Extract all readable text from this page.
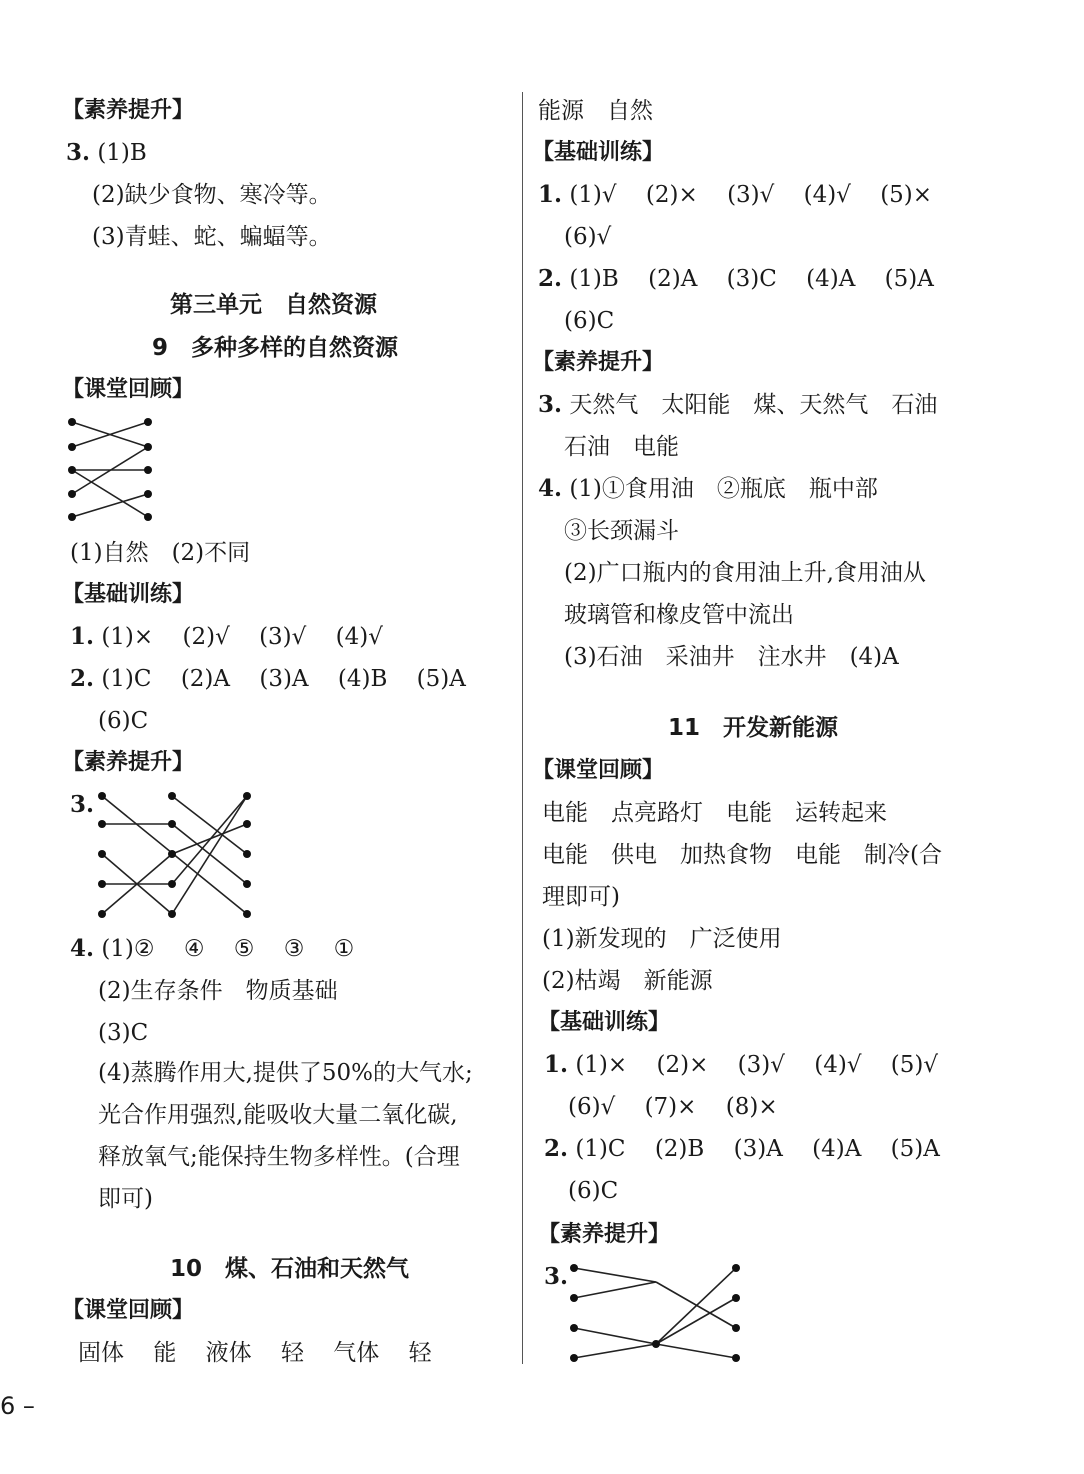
【素养提升】
3. (1)B
(2)缺少食物、寒冷等。
(3)青蛙、蛇、蝙蝠等。
第三单元　自然资源
9　多种多样的自然资源
【课堂回顾】
(1)自然　(2)不同
【基础训练】
1. (1)× (2)√ (3)√ (4)√
2. (1)C (2)A (3)A (4)B (5)A
(6)C
【素养提升】
3.
4. (1)② ④ ⑤ ③ ①
(2)生存条件　物质基础
(3)C
(4)蒸腾作用大,提供了50%的大气水;
光合作用强烈,能吸收大量二氧化碳,
释放氧气;能保持生物多样性。(合理
即可)
10　煤、石油和天然气
【课堂回顾】
固体 能 液体 轻 气体 轻
能源　自然
【基础训练】
1. (1)√ (2)× (3)√ (4)√ (5)×
(6)√
2. (1)B (2)A (3)C (4)A (5)A
(6)C
【素养提升】
3. 天然气　太阳能　煤、天然气　石油
石油　电能
4. (1)①食用油　②瓶底　瓶中部
③长颈漏斗
(2)广口瓶内的食用油上升,食用油从
玻璃管和橡皮管中流出
(3)石油　采油井　注水井　(4)A
11　开发新能源
【课堂回顾】
电能　点亮路灯　电能　运转起来
电能　供电　加热食物　电能　制冷(合
理即可)
(1)新发现的　广泛使用
(2)枯竭　新能源
【基础训练】
1. (1)× (2)× (3)√ (4)√ (5)√
(6)√ (7)× (8)×
2. (1)C (2)B (3)A (4)A (5)A
(6)C
【素养提升】
3.
6 –
